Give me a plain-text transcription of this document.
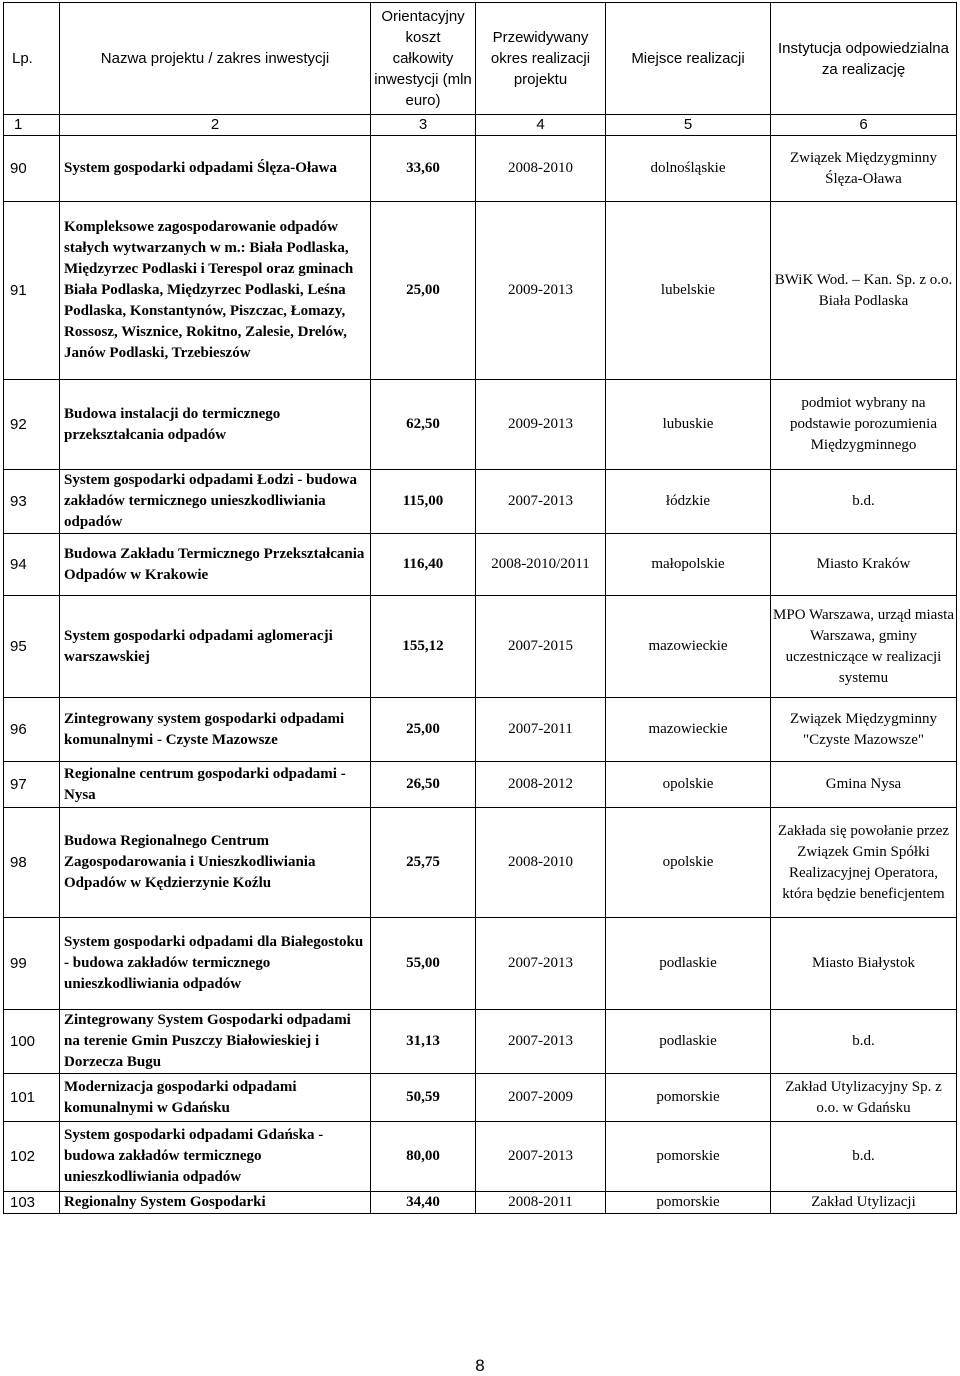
Lp.	Nazwa projektu / zakres inwestycji	Orientacyjny koszt całkowity inwestycji (mln euro)	Przewidywany okres realizacji projektu	Miejsce realizacji	Instytucja odpowiedzialna za realizację
1	2	3	4	5	6
90	System gospodarki odpadami Ślęza-Oława	33,60	2008-2010	dolnośląskie	Związek Międzygminny Ślęza-Oława
91	Kompleksowe zagospodarowanie odpadów stałych wytwarzanych w m.: Biała Podlaska, Międzyrzec Podlaski i Terespol oraz gminach Biała Podlaska, Międzyrzec Podlaski, Leśna Podlaska, Konstantynów, Piszczac, Łomazy, Rossosz, Wisznice, Rokitno, Zalesie, Drelów, Janów Podlaski, Trzebieszów	25,00	2009-2013	lubelskie	BWiK Wod. – Kan. Sp. z o.o. Biała Podlaska
92	Budowa instalacji do termicznego przekształcania odpadów	62,50	2009-2013	lubuskie	podmiot wybrany na podstawie porozumienia Międzygminnego
93	System gospodarki odpadami Łodzi - budowa zakładów termicznego unieszkodliwiania odpadów	115,00	2007-2013	łódzkie	b.d.
94	Budowa Zakładu Termicznego Przekształcania Odpadów w Krakowie	116,40	2008-2010/2011	małopolskie	Miasto Kraków
95	System gospodarki odpadami aglomeracji warszawskiej	155,12	2007-2015	mazowieckie	MPO Warszawa, urząd miasta Warszawa, gminy uczestniczące w realizacji systemu
96	Zintegrowany system gospodarki odpadami komunalnymi - Czyste Mazowsze	25,00	2007-2011	mazowieckie	Związek Międzygminny "Czyste Mazowsze"
97	Regionalne centrum gospodarki odpadami - Nysa	26,50	2008-2012	opolskie	Gmina Nysa
98	Budowa Regionalnego Centrum Zagospodarowania i Unieszkodliwiania Odpadów w Kędzierzynie Koźlu	25,75	2008-2010	opolskie	Zakłada się powołanie przez Związek Gmin Spółki Realizacyjnej Operatora, która będzie beneficjentem
99	System gospodarki odpadami dla Białegostoku - budowa zakładów termicznego unieszkodliwiania odpadów	55,00	2007-2013	podlaskie	Miasto Białystok
100	Zintegrowany System Gospodarki odpadami na terenie Gmin Puszczy Białowieskiej i Dorzecza Bugu	31,13	2007-2013	podlaskie	b.d.
101	Modernizacja gospodarki odpadami komunalnymi w Gdańsku	50,59	2007-2009	pomorskie	Zakład Utylizacyjny Sp. z o.o. w Gdańsku
102	System gospodarki odpadami Gdańska - budowa zakładów termicznego unieszkodliwiania odpadów	80,00	2007-2013	pomorskie	b.d.
103	Regionalny System Gospodarki	34,40	2008-2011	pomorskie	Zakład Utylizacji
8
